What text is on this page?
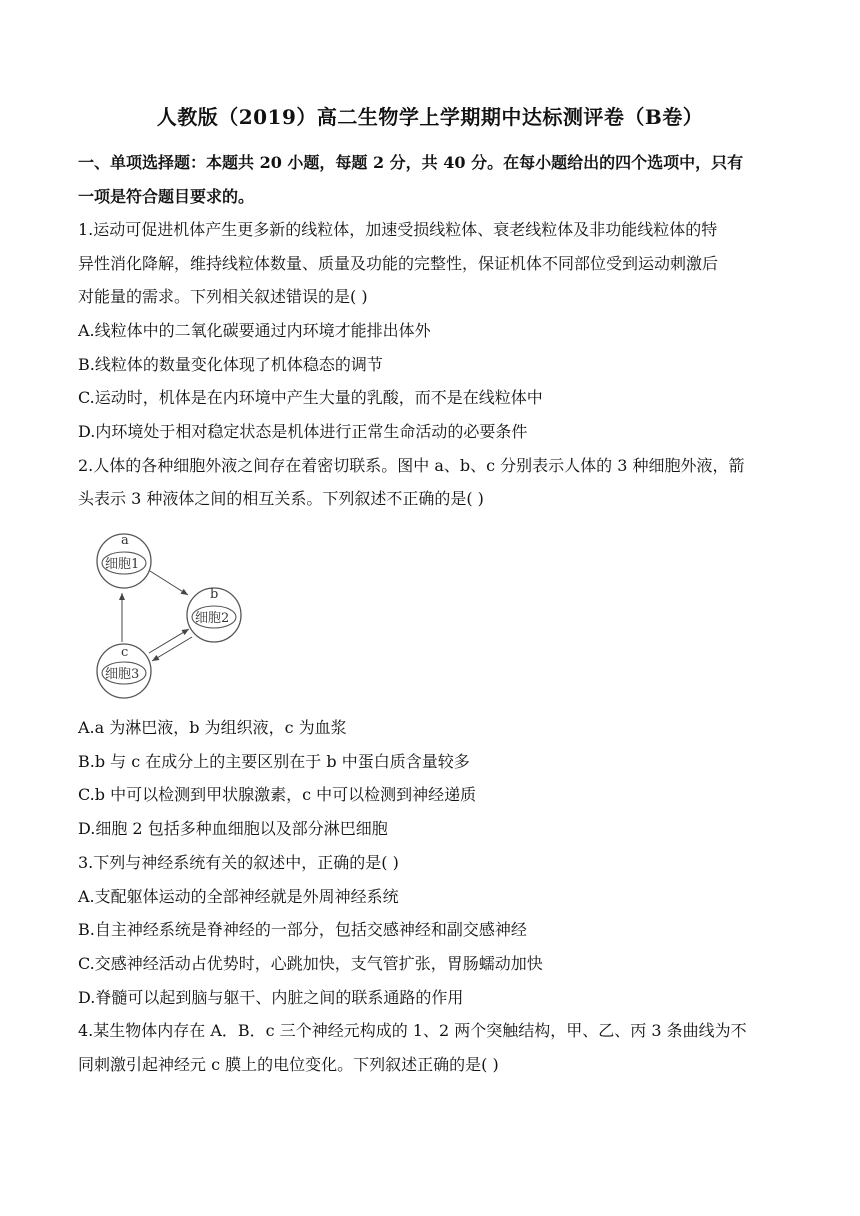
人教版（2019）高二生物学上学期期中达标测评卷（B卷）
一、单项选择题：本题共 20 小题，每题 2 分，共 40 分。在每小题给出的四个选项中，只有
一项是符合题目要求的。
1.运动可促进机体产生更多新的线粒体，加速受损线粒体、衰老线粒体及非功能线粒体的特
异性消化降解，维持线粒体数量、质量及功能的完整性，保证机体不同部位受到运动刺激后
对能量的需求。下列相关叙述错误的是( )
A.线粒体中的二氧化碳要通过内环境才能排出体外
B.线粒体的数量变化体现了机体稳态的调节
C.运动时，机体是在内环境中产生大量的乳酸，而不是在线粒体中
D.内环境处于相对稳定状态是机体进行正常生命活动的必要条件
2.人体的各种细胞外液之间存在着密切联系。图中 a、b、c 分别表示人体的 3 种细胞外液，箭
头表示 3 种液体之间的相互关系。下列叙述不正确的是( )
a
细胞1
b
细胞2
c
细胞3
A.a 为淋巴液，b 为组织液，c 为血浆
B.b 与 c 在成分上的主要区别在于 b 中蛋白质含量较多
C.b 中可以检测到甲状腺激素，c 中可以检测到神经递质
D.细胞 2 包括多种血细胞以及部分淋巴细胞
3.下列与神经系统有关的叙述中，正确的是( )
A.支配躯体运动的全部神经就是外周神经系统
B.自主神经系统是脊神经的一部分，包括交感神经和副交感神经
C.交感神经活动占优势时，心跳加快，支气管扩张，胃肠蠕动加快
D.脊髓可以起到脑与躯干、内脏之间的联系通路的作用
4.某生物体内存在 A．B．c 三个神经元构成的 1、2 两个突触结构，甲、乙、丙 3 条曲线为不
同刺激引起神经元 c 膜上的电位变化。下列叙述正确的是( )
